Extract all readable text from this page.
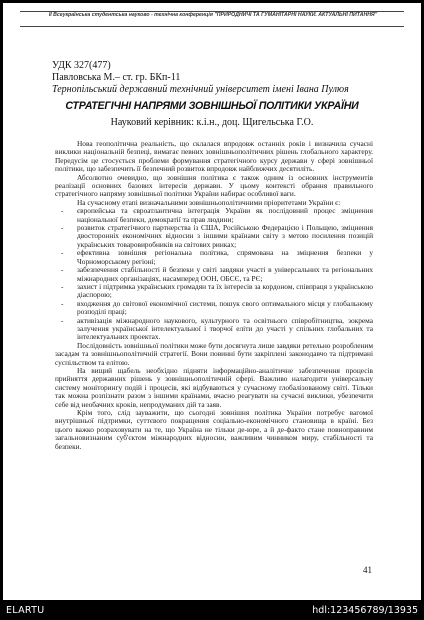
ІІ Всеукраїнська студентська науково - технічна конференція "ПРИРОДНИЧІ ТА ГУМАНІТАРНІ НАУКИ. АКТУАЛЬНІ ПИТАННЯ"
УДК 327(477)
Павловська М.– ст. гр. БКп-11
Тернопільський державний технічний університет імені Івана Пулюя
СТРАТЕГІЧНІ НАПРЯМИ ЗОВНІШНЬОЇ ПОЛІТИКИ УКРАЇНИ
Науковий керівник: к.і.н., доц. Щигельська Г.О.

Нова геополітична реальність, що склалася впродовж останніх років і визначила сучасні виклики національній безпеці, вимагає певних зовнішньополітичних рішень глобального характеру. Передусім це стосується проблеми формування стратегічного курсу держави у сфері зовнішньої політики, що забезпечить її безпечний розвиток впродовж найближчих десятиліть.

Абсолютно очевидно, що зовнішня політика є також одним із основних інструментів реалізації основних базових інтересів держави. У цьому контексті обрання правильного стратегічного напряму зовнішньої політики України набирає особливої ваги.

На сучасному етапі визначальними зовнішньополітичними пріоритетами України є:

- європейська та євроатлантична інтеграція України як послідовний процес зміцнення національної безпеки, демократії та прав людини;
- розвиток стратегічного партнерства із США, Російською Федерацією і Польщею, зміцнення двосторонніх економічних відносин з іншими країнами світу з метою посилення позицій українських товаровиробників на світових ринках;
- ефективна зовнішня регіональна політика, спрямована на зміцнення безпеки у Чорноморському регіоні;
- забезпечення стабільності й безпеки у світі завдяки участі в універсальних та регіональних міжнародних організаціях, насамперед ООН, ОБСЄ, та РЄ;
- захист і підтримка українських громадян та їх інтересів за кордоном, співпраця з українською діаспорою;
- входження до світової економічної системи, пошук свого оптимального місця у глобальному розподілі праці;
- активізація міжнародного наукового, культурного та освітнього співробітництва, зокрема залучення української інтелектуальної і творчої еліти до участі у спільних глобальних та інтелектуальних проектах.

Послідовність зовнішньої політики може бути досягнута лише завдяки ретельно розробленим засадам та зовнішньополітичній стратегії. Вони повинні бути закріплені законодавчо та підтримані суспільством та елітою.

На вищий щабель необхідно підняти інформаційно-аналітичне забезпечення процесів прийняття державних рішень у зовнішньополітичній сфері. Важливо налагодити універсальну систему моніторингу подій і процесів, які відбуваються у сучасному глобалізованому світі. Тільки так можна розпізнати разом з іншими країнами, вчасно реагувати на сучасні виклики, убезпечити себе від необачних кроків, непродуманих дій та заяв.

Крім того, слід зауважити, що сьогодні зовнішня політика України потребує вагомої внутрішньої підтримки, суттєвого покращення соціально-економічного становища в країні. Без цього важко розраховувати на те, що Україна не тільки де-юре, а й де-факто стане повноправним загальновизнаним суб'єктом міжнародних відносин, важливим чинником миру, стабільності та безпеки.

41
ELARTU	hdl:123456789/13935
